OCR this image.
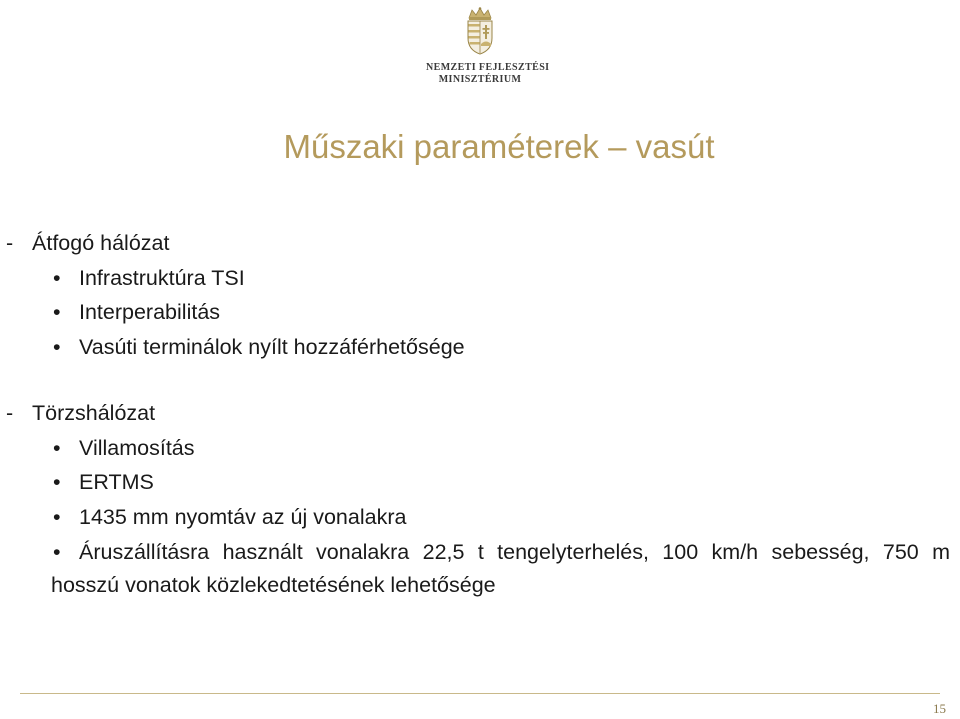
NEMZETI FEJLESZTÉSI
MINISZTÉRIUM
Műszaki paraméterek – vasút
- Átfogó hálózat
• Infrastruktúra TSI
• Interperabilitás
• Vasúti terminálok nyílt hozzáférhetősége
- Törzshálózat
• Villamosítás
• ERTMS
• 1435 mm nyomtáv az új vonalakra
• Áruszállításra használt vonalakra 22,5 t tengelyterhelés, 100 km/h sebesség, 750 m hosszú vonatok közlekedtetésének lehetősége
15
